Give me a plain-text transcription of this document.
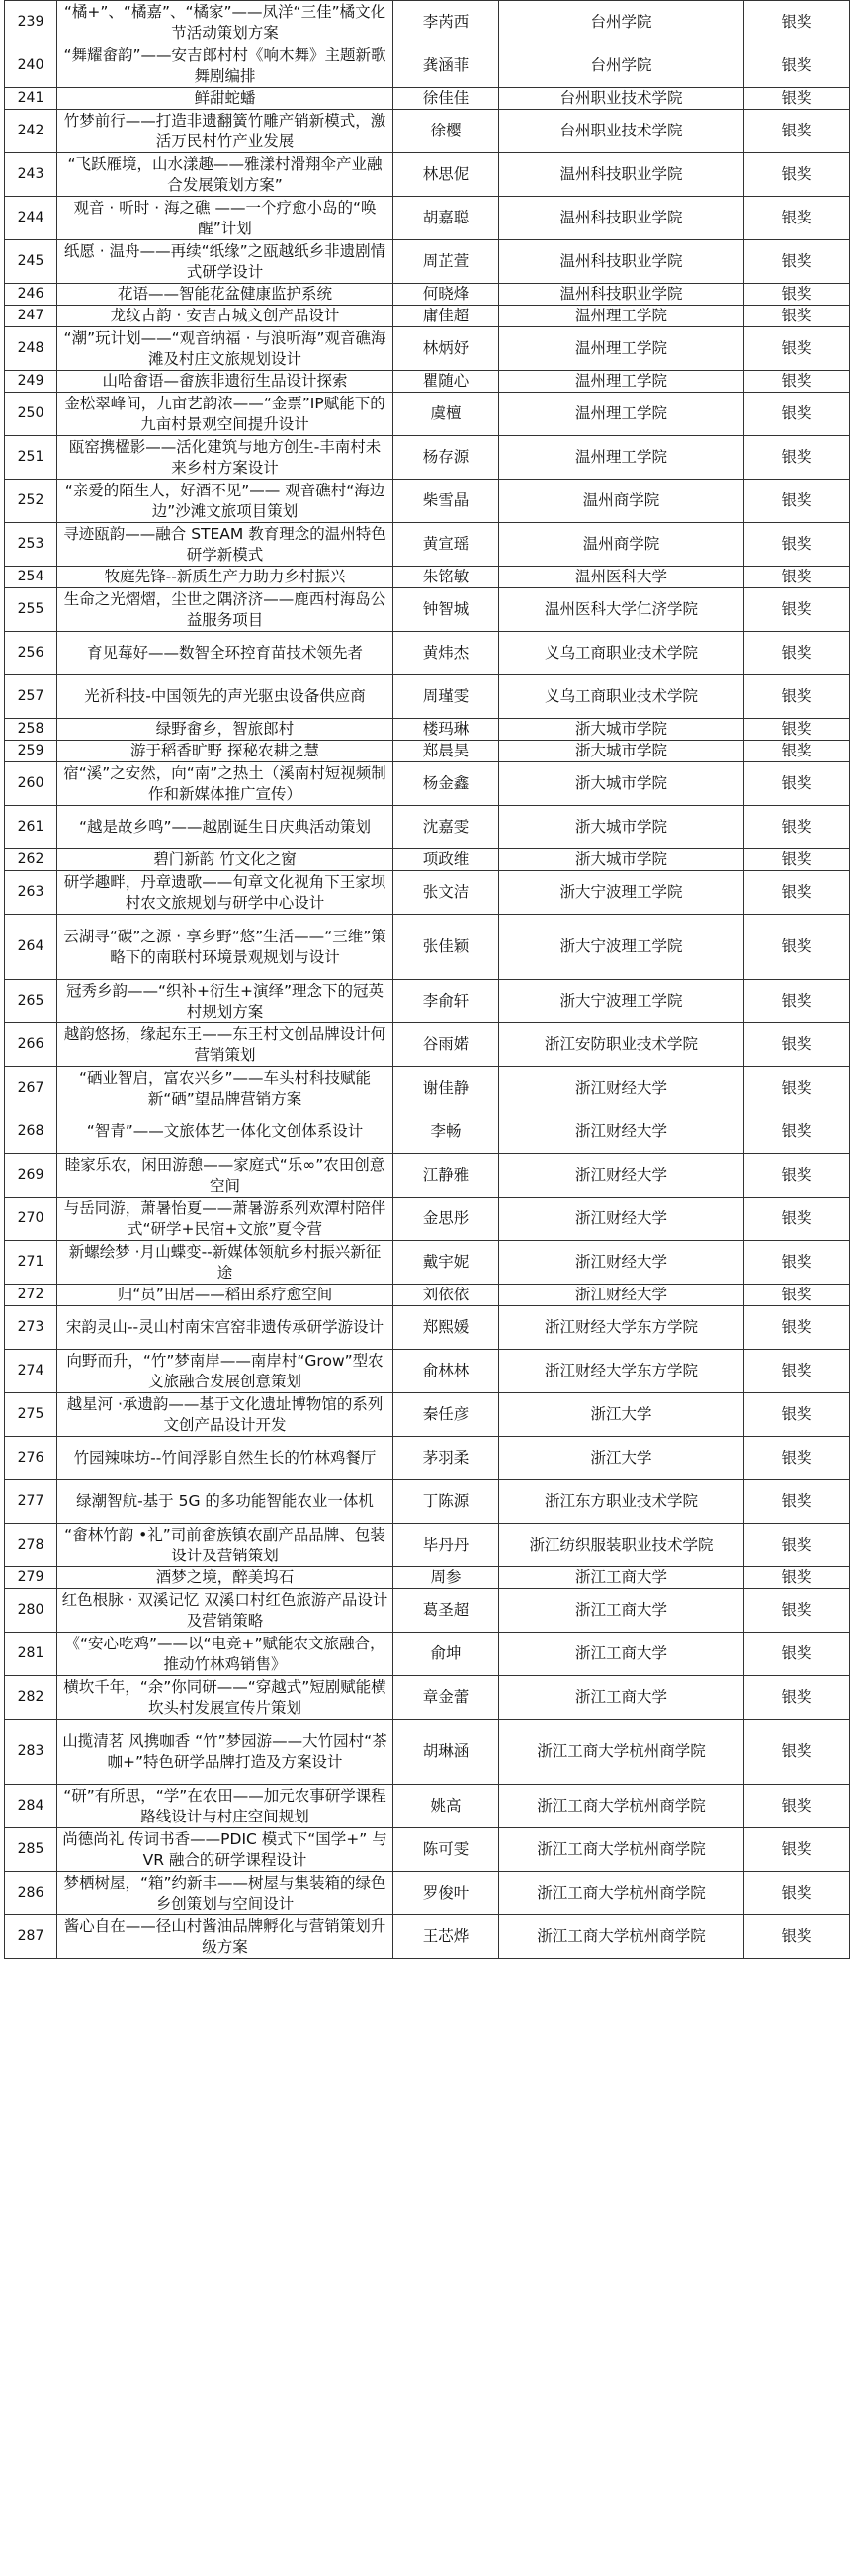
239	“橘+”、“橘嘉”、“橘家”——凤洋“三佳”橘文化节活动策划方案	李芮西	台州学院	银奖
240	“舞耀畲韵”——安吉郎村村《响木舞》主题新歌舞剧编排	龚涵菲	台州学院	银奖
241	鲜甜蛇蟠	徐佳佳	台州职业技术学院	银奖
242	竹梦前行——打造非遗翻簧竹雕产销新模式，激活万民村竹产业发展	徐樱	台州职业技术学院	银奖
243	“飞跃雁境，山水漾趣——雅漾村滑翔伞产业融合发展策划方案”	林思伲	温州科技职业学院	银奖
244	观音 · 听时 · 海之礁 ——一个疗愈小岛的“唤醒”计划	胡嘉聪	温州科技职业学院	银奖
245	纸愿 · 温舟——再续“纸缘”之瓯越纸乡非遗剧情式研学设计	周芷萱	温州科技职业学院	银奖
246	花语——智能花盆健康监护系统	何晓烽	温州科技职业学院	银奖
247	龙纹古韵 · 安吉古城文创产品设计	庸佳超	温州理工学院	银奖
248	“潮”玩计划——“观音纳福 · 与浪听海”观音礁海滩及村庄文旅规划设计	林炳妤	温州理工学院	银奖
249	山哈畲语—畲族非遗衍生品设计探索	瞿随心	温州理工学院	银奖
250	金松翠峰间，九亩艺韵浓——“金票”IP赋能下的九亩村景观空间提升设计	虞檀	温州理工学院	银奖
251	瓯窑携楹影——活化建筑与地方创生-丰南村未来乡村方案设计	杨存源	温州理工学院	银奖
252	“亲爱的陌生人，好酒不见”—— 观音礁村“海边边”沙滩文旅项目策划	柴雪晶	温州商学院	银奖
253	寻迹瓯韵——融合 STEAM 教育理念的温州特色研学新模式	黄宣瑶	温州商学院	银奖
254	牧庭先锋--新质生产力助力乡村振兴	朱铭敏	温州医科大学	银奖
255	生命之光熠熠，尘世之隅济济——鹿西村海岛公益服务项目	钟智城	温州医科大学仁济学院	银奖
256	育见莓好——数智全环控育苗技术领先者	黄炜杰	义乌工商职业技术学院	银奖
257	光祈科技-中国领先的声光驱虫设备供应商	周瑾雯	义乌工商职业技术学院	银奖
258	绿野畲乡，智旅郎村	楼玛琳	浙大城市学院	银奖
259	游于稻香旷野 探秘农耕之慧	郑晨昊	浙大城市学院	银奖
260	宿“溪”之安然，向“南”之热土（溪南村短视频制作和新媒体推广宣传）	杨金鑫	浙大城市学院	银奖
261	“越是故乡鸣”——越剧诞生日庆典活动策划	沈嘉雯	浙大城市学院	银奖
262	碧门新韵 竹文化之窗	项政维	浙大城市学院	银奖
263	研学趣畔，丹章遗歌——旬章文化视角下王家坝村农文旅规划与研学中心设计	张文洁	浙大宁波理工学院	银奖
264	云湖寻“碳”之源 · 享乡野“悠”生活——“三维”策略下的南联村环境景观规划与设计	张佳颖	浙大宁波理工学院	银奖
265	冠秀乡韵——“织补+衍生+演绎”理念下的冠英村规划方案	李俞轩	浙大宁波理工学院	银奖
266	越韵悠扬，缘起东王——东王村文创品牌设计何营销策划	谷雨婼	浙江安防职业技术学院	银奖
267	“硒业智启，富农兴乡”——车头村科技赋能新“硒”望品牌营销方案	谢佳静	浙江财经大学	银奖
268	“智青”——文旅体艺一体化文创体系设计	李畅	浙江财经大学	银奖
269	睦家乐农，闲田游憩——家庭式“乐∞”农田创意空间	江静雅	浙江财经大学	银奖
270	与岳同游，萧暑怡夏——萧暑游系列欢潭村陪伴式“研学+民宿+文旅”夏令营	金思彤	浙江财经大学	银奖
271	新螺绘梦 ·月山蝶变--新媒体领航乡村振兴新征途	戴宇妮	浙江财经大学	银奖
272	归“员”田居——稻田系疗愈空间	刘依依	浙江财经大学	银奖
273	宋韵灵山--灵山村南宋宫窑非遗传承研学游设计	郑熙媛	浙江财经大学东方学院	银奖
274	向野而升，“竹”梦南岸——南岸村“Grow”型农文旅融合发展创意策划	俞林林	浙江财经大学东方学院	银奖
275	越星河 ·承遗韵——基于文化遗址博物馆的系列文创产品设计开发	秦任彦	浙江大学	银奖
276	竹园辣味坊--竹间浮影自然生长的竹林鸡餐厅	茅羽柔	浙江大学	银奖
277	绿潮智航-基于 5G 的多功能智能农业一体机	丁陈源	浙江东方职业技术学院	银奖
278	“畲林竹韵 •礼”司前畲族镇农副产品品牌、包装设计及营销策划	毕丹丹	浙江纺织服装职业技术学院	银奖
279	酒梦之境，醉美坞石	周参	浙江工商大学	银奖
280	红色根脉 · 双溪记忆 双溪口村红色旅游产品设计及营销策略	葛圣超	浙江工商大学	银奖
281	《“安心吃鸡”——以“电竞+”赋能农文旅融合，推动竹林鸡销售》	俞坤	浙江工商大学	银奖
282	横坎千年，“余”你同研——“穿越式”短剧赋能横坎头村发展宣传片策划	章金蕾	浙江工商大学	银奖
283	山揽清茗 风携咖香 “竹”梦园游——大竹园村“茶咖+”特色研学品牌打造及方案设计	胡琳涵	浙江工商大学杭州商学院	银奖
284	“研”有所思，“学”在农田——加元农事研学课程路线设计与村庄空间规划	姚高	浙江工商大学杭州商学院	银奖
285	尚德尚礼 传词书香——PDIC 模式下“国学+” 与 VR 融合的研学课程设计	陈可雯	浙江工商大学杭州商学院	银奖
286	梦栖树屋，“箱”约新丰——树屋与集装箱的绿色乡创策划与空间设计	罗俊叶	浙江工商大学杭州商学院	银奖
287	酱心自在——径山村酱油品牌孵化与营销策划升级方案	王芯烨	浙江工商大学杭州商学院	银奖
